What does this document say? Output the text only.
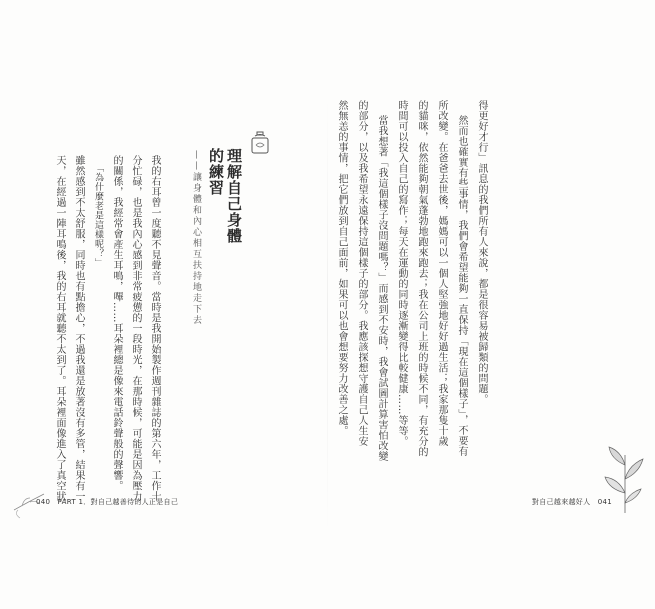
得更好才行」訊息的我們所有人來說，都是很容易被歸類的問題。
然而也確實有些事情，我們會希望能夠一直保持「現在這個樣子」，不要有
所改變。在爸爸去世後，媽媽可以一個人堅強地好好過生活；我家那隻十歲
的貓咪，依然能夠朝氣蓬勃地跑來跑去；我在公司上班的時候不同，有充分的
時間可以投入自己的寫作；每天在運動的同時逐漸變得比較健康……等等。
當我想著「我這個樣子沒問題嗎？」而感到不安時，我會試圖計算害怕改變
的部分，以及我希望永遠保持這個樣子的部分。我應該探想守護自己人生安
然無恙的事情，把它們放到自己面前，如果可以也會想要努力改善之處。
理解自己身體
的練習
——讓身體和內心相互扶持地走下去
我的右耳曾一度聽不見聲音。當時是我開始製作週刊雜誌的第六年，工作十
分忙碌，也是我內心感到非常疲憊的一段時光，在那時候，可能是因為壓力
的關係，我經常會產生耳鳴，嗶……耳朵裡總是像來電話鈴聲般的聲響。
「為什麼老是這樣呢？」
雖然感到不太舒服，同時也有點擔心，不過我還是放著沒有多管，結果有一
天，在經過一陣耳鳴後，我的右耳就聽不太到了。耳朵裡面像進入了真空狀
040　PART 1．對自己越善待的人正是自己	對自己越來越好人　041
